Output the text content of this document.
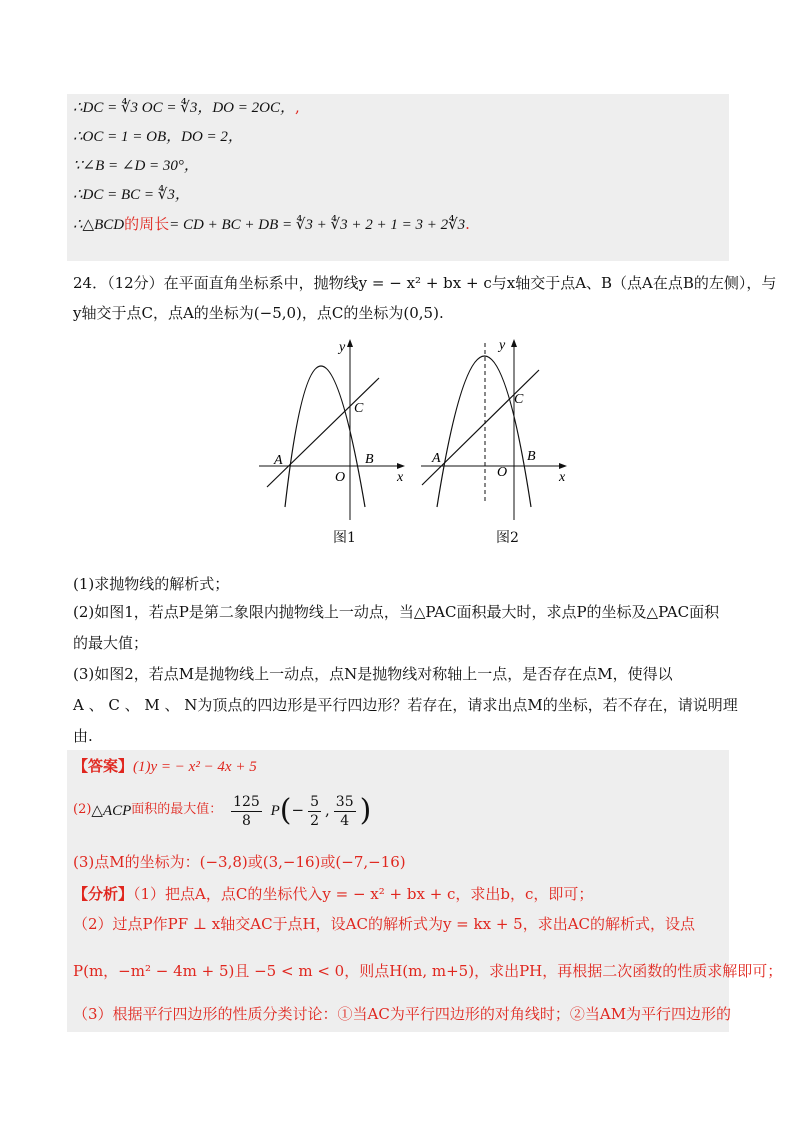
∴DC = ∜3 OC = ∜3，DO = 2OC，,
∴OC = 1 = OB，DO = 2，
∵∠B = ∠D = 30°，
∴DC = BC = ∜3，
∴△BCD的周长= CD + BC + DB = ∜3 + ∜3 + 2 + 1 = 3 + 2∜3.
24．（12分）在平面直角坐标系中，抛物线y = − x² + bx + c与x轴交于点A、B（点A在点B的左侧），与
y轴交于点C，点A的坐标为(−5,0)，点C的坐标为(0,5).
y
x
A	B
C
O
图1
y
x
A	B
C
O
图2
(1)求抛物线的解析式；
(2)如图1，若点P是第二象限内抛物线上一动点，当△PAC面积最大时，求点P的坐标及△PAC面积
的最大值；
(3)如图2，若点M是抛物线上一动点，点N是抛物线对称轴上一点，是否存在点M，使得以
A 、 C 、 M 、 N为顶点的四边形是平行四边形？若存在，请求出点M的坐标，若不存在，请说明理
由.
【答案】(1)y = − x² − 4x + 5
(2)△ACP面积的最大值： $\frac{125}{8} P(- \frac{5}{2}$ , $\frac{35}{4}$ )
(3)点M的坐标为：(−3,8)或(3,−16)或(−7,−16)
【分析】（1）把点A，点C的坐标代入y = − x² + bx + c，求出b，c，即可；
（2）过点P作PF ⊥ x轴交AC于点H，设AC的解析式为y = kx + 5，求出AC的解析式，设点
P(m，−m² − 4m + 5)且 −5 < m < 0，则点H(m, m+5)，求出PH，再根据二次函数的性质求解即可；
（3）根据平行四边形的性质分类讨论：①当AC为平行四边形的对角线时；②当AM为平行四边形的
